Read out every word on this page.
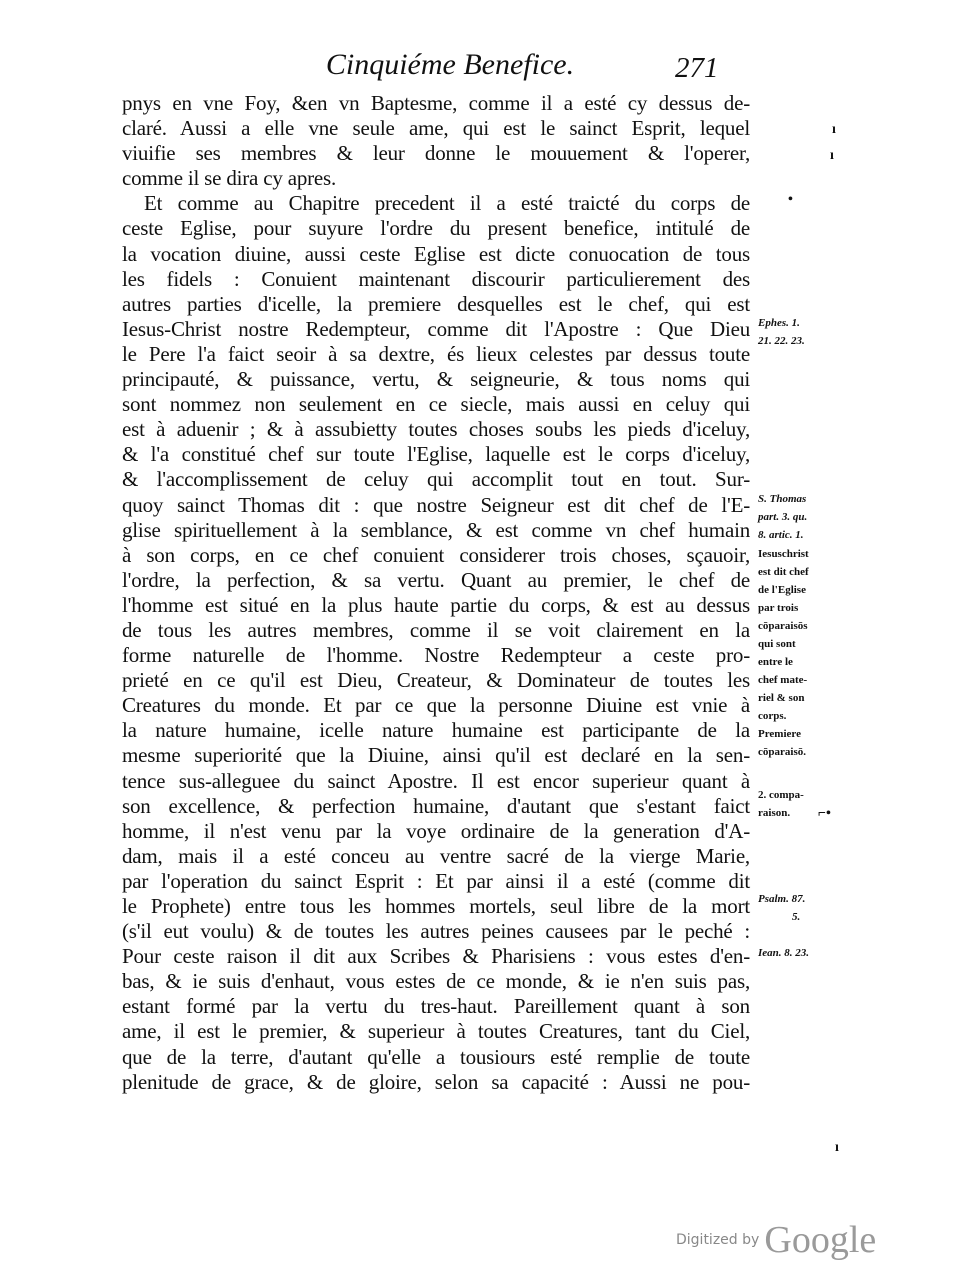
Cinquiéme Benefice.	271
pnys en vne Foy, &en vn Baptesme, comme il a esté cy dessus de-
claré. Aussi a elle vne seule ame, qui est le sainct Esprit, lequel
viuifie ses membres & leur donne le mouuement & l'operer,
comme il se dira cy apres.
Et comme au Chapitre precedent il a esté traicté du corps de
ceste Eglise, pour suyure l'ordre du present benefice, intitulé de
la vocation diuine, aussi ceste Eglise est dicte conuocation de tous
les fidels : Conuient maintenant discourir particulierement des
autres parties d'icelle, la premiere desquelles est le chef, qui est
Iesus-Christ nostre Redempteur, comme dit l'Apostre : Que Dieu
le Pere l'a faict seoir à sa dextre, és lieux celestes par dessus toute
principauté, & puissance, vertu, & seigneurie, & tous noms qui
sont nommez non seulement en ce siecle, mais aussi en celuy qui
est à aduenir ; & à assubietty toutes choses soubs les pieds d'iceluy,
& l'a constitué chef sur toute l'Eglise, laquelle est le corps d'iceluy,
& l'accomplissement de celuy qui accomplit tout en tout. Sur-
quoy sainct Thomas dit : que nostre Seigneur est dit chef de l'E-
glise spirituellement à la semblance, & est comme vn chef humain
à son corps, en ce chef conuient considerer trois choses, sçauoir,
l'ordre, la perfection, & sa vertu. Quant au premier, le chef de
l'homme est situé en la plus haute partie du corps, & est au dessus
de tous les autres membres, comme il se voit clairement en la
forme naturelle de l'homme. Nostre Redempteur a ceste pro-
prieté en ce qu'il est Dieu, Createur, & Dominateur de toutes les
Creatures du monde. Et par ce que la personne Diuine est vnie à
la nature humaine, icelle nature humaine est participante de la
mesme superiorité que la Diuine, ainsi qu'il est declaré en la sen-
tence sus-alleguee du sainct Apostre. Il est encor superieur quant à
son excellence, & perfection humaine, d'autant que s'estant faict
homme, il n'est venu par la voye ordinaire de la generation d'A-
dam, mais il a esté conceu au ventre sacré de la vierge Marie,
par l'operation du sainct Esprit : Et par ainsi il a esté (comme dit
le Prophete) entre tous les hommes mortels, seul libre de la mort
(s'il eut voulu) & de toutes les autres peines causees par le peché :
Pour ceste raison il dit aux Scribes & Pharisiens : vous estes d'en-
bas, & ie suis d'enhaut, vous estes de ce monde, & ie n'en suis pas,
estant formé par la vertu du tres-haut. Pareillement quant à son
ame, il est le premier, & superieur à toutes Creatures, tant du Ciel,
que de la terre, d'autant qu'elle a tousiours esté remplie de toute
plenitude de grace, & de gloire, selon sa capacité : Aussi ne pou-
ı
ı
•
ı
Ephes. 1.
21. 22. 23.
S. Thomas
part. 3. qu.
8. artic. 1.
Iesuschrist
est dit chef
de l'Eglise
par trois
cōparaisōs
qui sont
entre le
chef mate-
riel & son
corps.
Premiere
cōparaisō.
2. compa-
raison.	⌐•
Psalm. 87.
5.
Iean. 8. 23.
Digitized by Google
